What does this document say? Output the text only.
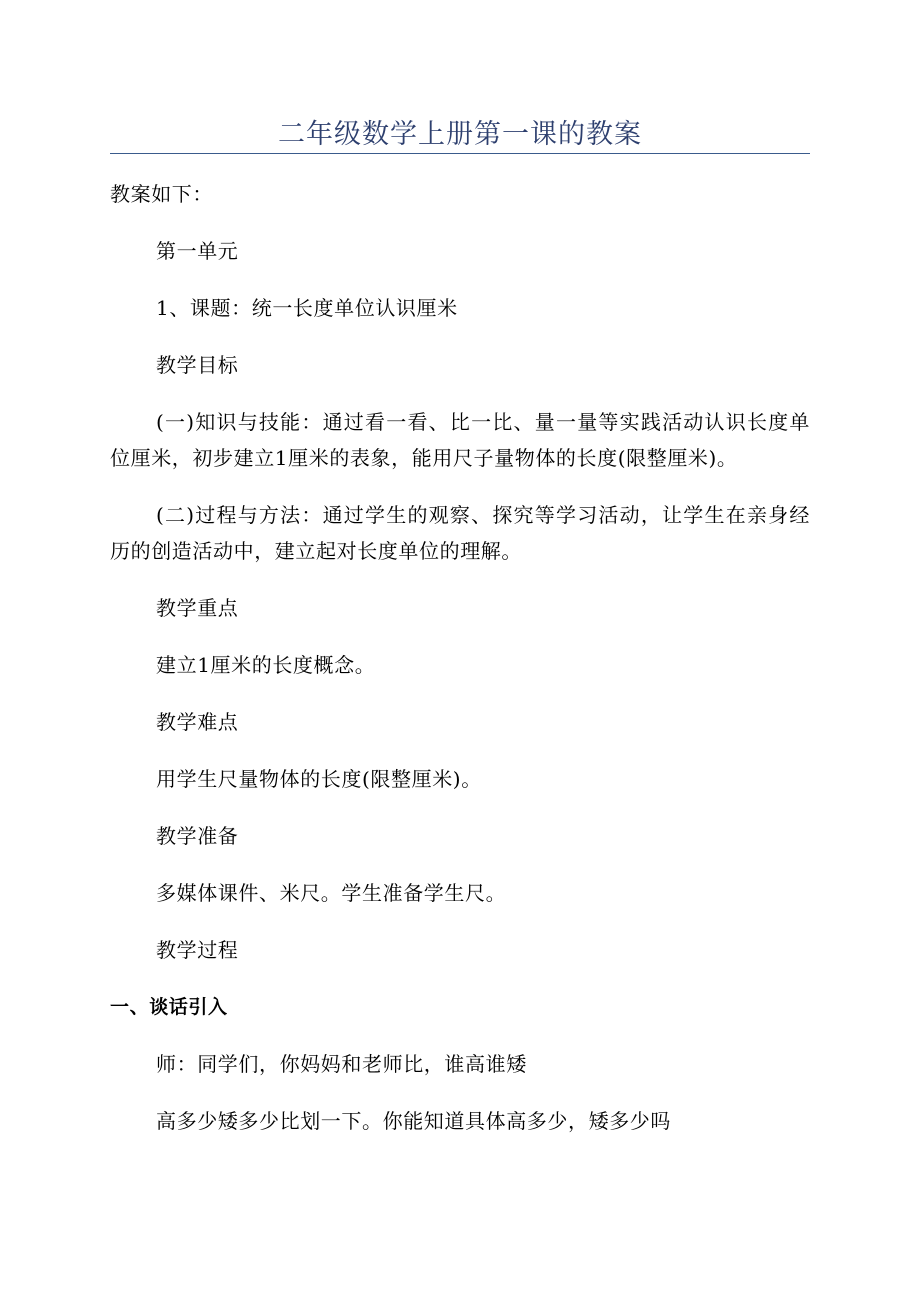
二年级数学上册第一课的教案

教案如下：

第一单元

1、课题：统一长度单位认识厘米

教学目标

(一)知识与技能：通过看一看、比一比、量一量等实践活动认识长度单位厘米，初步建立1厘米的表象，能用尺子量物体的长度(限整厘米)。

(二)过程与方法：通过学生的观察、探究等学习活动，让学生在亲身经历的创造活动中，建立起对长度单位的理解。

教学重点

建立1厘米的长度概念。

教学难点

用学生尺量物体的长度(限整厘米)。

教学准备

多媒体课件、米尺。学生准备学生尺。

教学过程

一、谈话引入

师：同学们，你妈妈和老师比，谁高谁矮

高多少矮多少比划一下。你能知道具体高多少，矮多少吗
